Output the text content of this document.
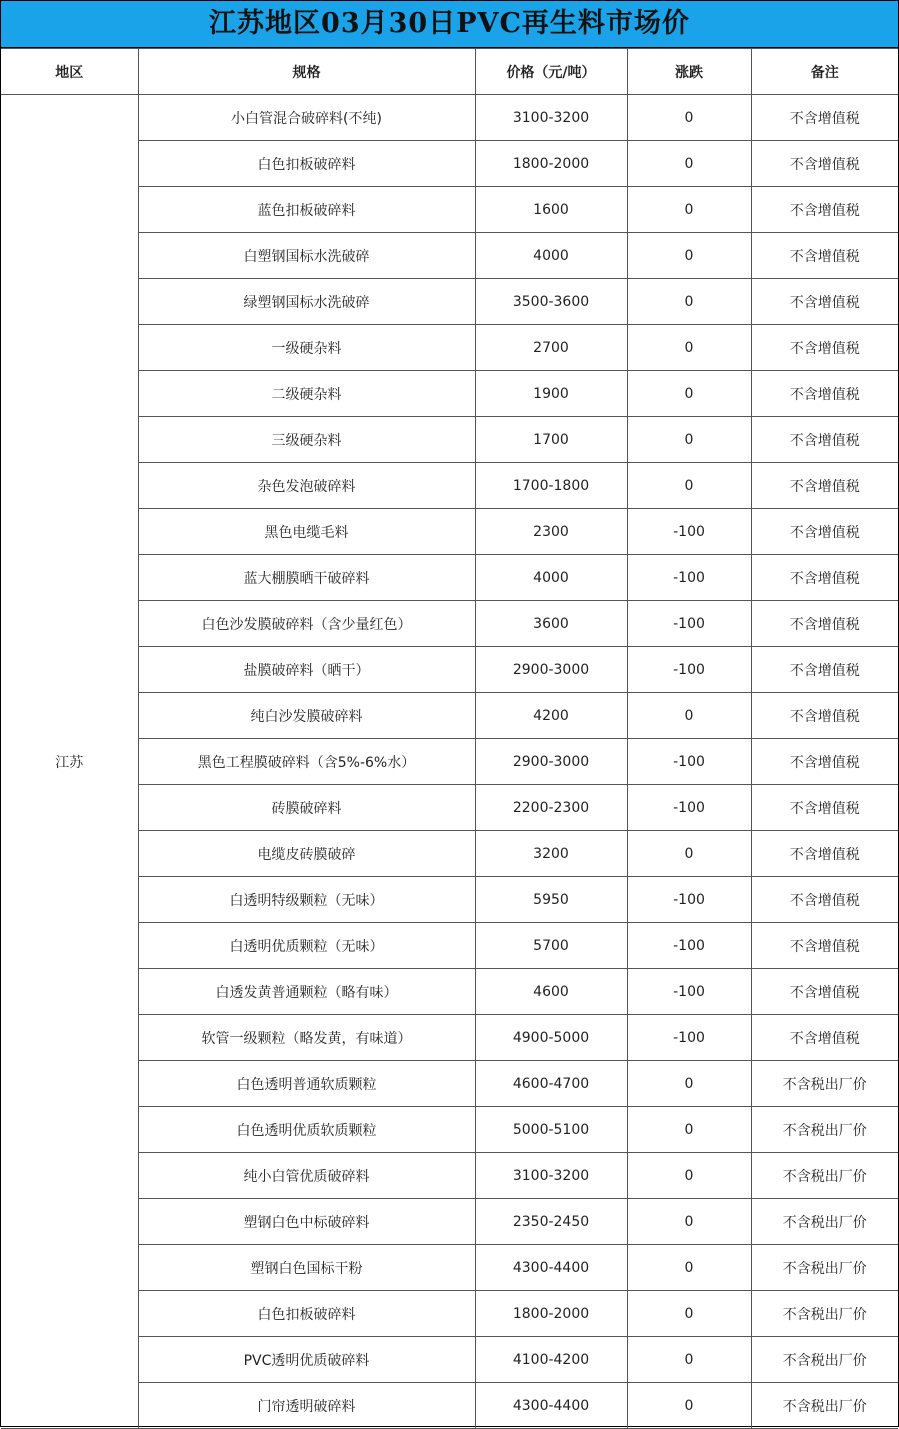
江苏地区03月30日PVC再生料市场价
地区	规格	价格（元/吨）	涨跌	备注
江苏	小白管混合破碎料(不纯)	3100-3200	0	不含增值税
	白色扣板破碎料	1800-2000	0	不含增值税
	蓝色扣板破碎料	1600	0	不含增值税
	白塑钢国标水洗破碎	4000	0	不含增值税
	绿塑钢国标水洗破碎	3500-3600	0	不含增值税
	一级硬杂料	2700	0	不含增值税
	二级硬杂料	1900	0	不含增值税
	三级硬杂料	1700	0	不含增值税
	杂色发泡破碎料	1700-1800	0	不含增值税
	黑色电缆毛料	2300	-100	不含增值税
	蓝大棚膜晒干破碎料	4000	-100	不含增值税
	白色沙发膜破碎料（含少量红色）	3600	-100	不含增值税
	盐膜破碎料（晒干）	2900-3000	-100	不含增值税
	纯白沙发膜破碎料	4200	0	不含增值税
	黑色工程膜破碎料（含5%-6%水）	2900-3000	-100	不含增值税
	砖膜破碎料	2200-2300	-100	不含增值税
	电缆皮砖膜破碎	3200	0	不含增值税
	白透明特级颗粒（无味）	5950	-100	不含增值税
	白透明优质颗粒（无味）	5700	-100	不含增值税
	白透发黄普通颗粒（略有味）	4600	-100	不含增值税
	软管一级颗粒（略发黄，有味道）	4900-5000	-100	不含增值税
	白色透明普通软质颗粒	4600-4700	0	不含税出厂价
	白色透明优质软质颗粒	5000-5100	0	不含税出厂价
	纯小白管优质破碎料	3100-3200	0	不含税出厂价
	塑钢白色中标破碎料	2350-2450	0	不含税出厂价
	塑钢白色国标干粉	4300-4400	0	不含税出厂价
	白色扣板破碎料	1800-2000	0	不含税出厂价
	PVC透明优质破碎料	4100-4200	0	不含税出厂价
	门帘透明破碎料	4300-4400	0	不含税出厂价
